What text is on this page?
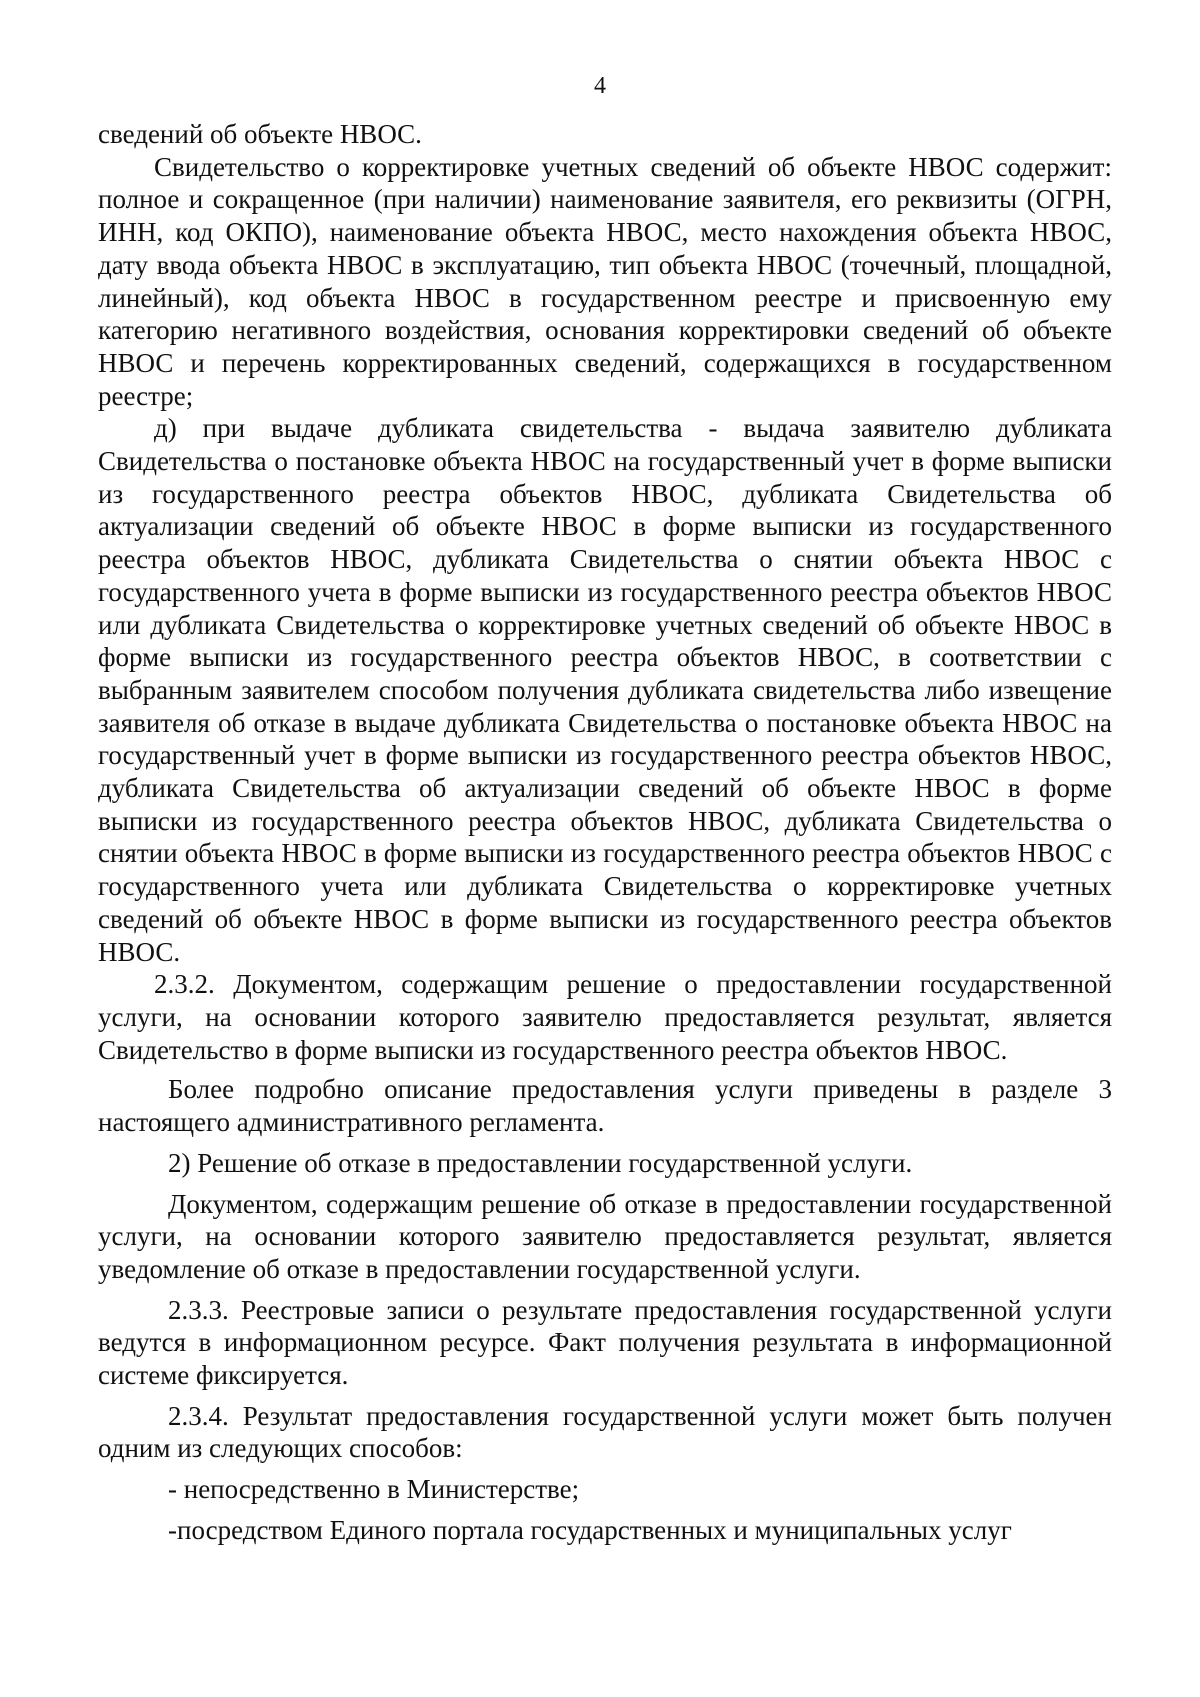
4

сведений об объекте НВОС.

Свидетельство о корректировке учетных сведений об объекте НВОС содержит: полное и сокращенное (при наличии) наименование заявителя, его реквизиты (ОГРН, ИНН, код ОКПО), наименование объекта НВОС, место нахождения объекта НВОС, дату ввода объекта НВОС в эксплуатацию, тип объекта НВОС (точечный, площадной, линейный), код объекта НВОС в государственном реестре и присвоенную ему категорию негативного воздействия, основания корректировки сведений об объекте НВОС и перечень корректированных сведений, содержащихся в государственном реестре;

д) при выдаче дубликата свидетельства - выдача заявителю дубликата Свидетельства о постановке объекта НВОС на государственный учет в форме выписки из государственного реестра объектов НВОС, дубликата Свидетельства об актуализации сведений об объекте НВОС в форме выписки из государственного реестра объектов НВОС, дубликата Свидетельства о снятии объекта НВОС с государственного учета в форме выписки из государственного реестра объектов НВОС или дубликата Свидетельства о корректировке учетных сведений об объекте НВОС в форме выписки из государственного реестра объектов НВОС, в соответствии с выбранным заявителем способом получения дубликата свидетельства либо извещение заявителя об отказе в выдаче дубликата Свидетельства о постановке объекта НВОС на государственный учет в форме выписки из государственного реестра объектов НВОС, дубликата Свидетельства об актуализации сведений об объекте НВОС в форме выписки из государственного реестра объектов НВОС, дубликата Свидетельства о снятии объекта НВОС в форме выписки из государственного реестра объектов НВОС с государственного учета или дубликата Свидетельства о корректировке учетных сведений об объекте НВОС в форме выписки из государственного реестра объектов НВОС.

2.3.2. Документом, содержащим решение о предоставлении государственной услуги, на основании которого заявителю предоставляется результат, является Свидетельство в форме выписки из государственного реестра объектов НВОС.

Более подробно описание предоставления услуги приведены в разделе 3 настоящего административного регламента.

2) Решение об отказе в предоставлении государственной услуги.

Документом, содержащим решение об отказе в предоставлении государственной услуги, на основании которого заявителю предоставляется результат, является уведомление об отказе в предоставлении государственной услуги.

2.3.3. Реестровые записи о результате предоставления государственной услуги ведутся в информационном ресурсе. Факт получения результата в информационной системе фиксируется.

2.3.4. Результат предоставления государственной услуги может быть получен одним из следующих способов:

- непосредственно в Министерстве;

-посредством Единого портала государственных и муниципальных услуг
